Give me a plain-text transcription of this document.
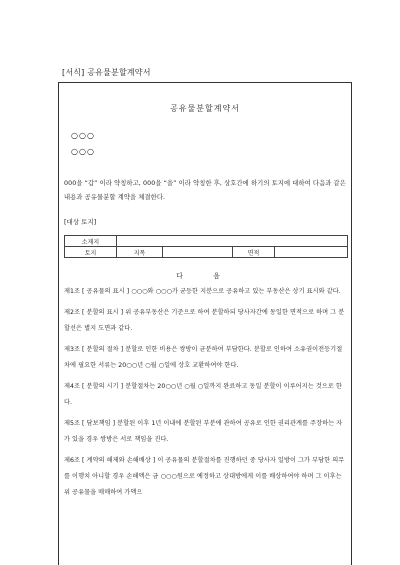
[서식] 공유물분할계약서
공유물분할계약서
○○○
○○○
000을 “갑” 이라 약칭하고, 000을 “을” 이라 약칭한 후, 상호간에 하기의 토지에 대하여 다음과 같은 내용과 공유물분할 계약을 체결한다.
[대상 토지]
소재지				
토지	지목		면적	
다 음

제1조 [ 공유물의 표시 ] ○○○와 ○○○가 균등한 지분으로 공유하고 있는 부동산은 상기 표시와 같다.

제2조 [ 분할의 표시 ] 위 공유부동산은 기준으로 하여 분할하되 당사자간에 동일한 면적으로 하며 그 분할선은 별지 도면과 같다.

제3조 [ 분할의 절차 ] 분할로 인한 비용은 쌍방이 균분하여 부담한다. 분할로 인하여 소유권이전등기절차에 필요한 서류는 20○○년 ○월 ○일에 상호 교환하여야 한다.

제4조 [ 분할의 시기 ] 분할절차는 20○○년 ○월 ○일까지 완료하고 동일 분할이 이루어지는 것으로 한다.

제5조 [ 담보책임 ] 분할된 이후 1년 이내에 분할된 부분에 관하여 공유로 인한 권리관계를 주장하는 자가 있을 경우 쌍방은 서로 책임을 진다.

제6조 [ 계약의 해제와 손해배상 ] 이 공유물의 분할절차를 진행하던 중 당사자 일방이 그가 부담한 의무를 이행치 아니할 경우 손해액은 금 ○○○원으로 예정하고 상대방에게 이를 배상하여야 하며 그 이후는 위 공유물을 매매하여 가액으
